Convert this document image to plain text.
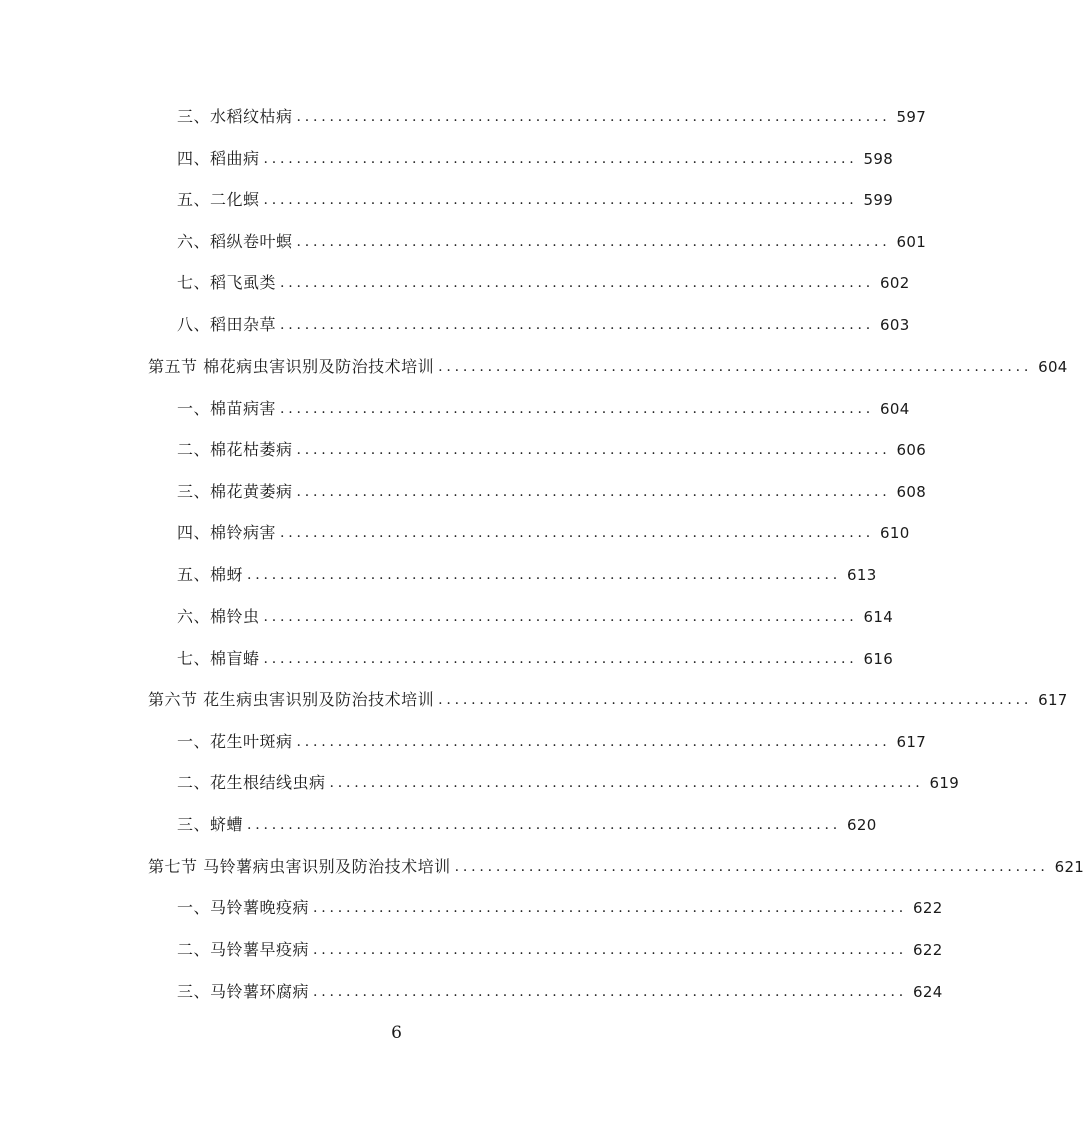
三、水稻纹枯病 ........................................................................ 597
四、稻曲病 ........................................................................ 598
五、二化螟 ........................................................................ 599
六、稻纵卷叶螟 ........................................................................ 601
七、稻飞虱类 ........................................................................ 602
八、稻田杂草 ........................................................................ 603
第五节 棉花病虫害识别及防治技术培训 ........................................................................ 604
一、棉苗病害 ........................................................................ 604
二、棉花枯萎病 ........................................................................ 606
三、棉花黄萎病 ........................................................................ 608
四、棉铃病害 ........................................................................ 610
五、棉蚜 ........................................................................ 613
六、棉铃虫 ........................................................................ 614
七、棉盲蝽 ........................................................................ 616
第六节 花生病虫害识别及防治技术培训 ........................................................................ 617
一、花生叶斑病 ........................................................................ 617
二、花生根结线虫病 ........................................................................ 619
三、蛴螬 ........................................................................ 620
第七节 马铃薯病虫害识别及防治技术培训 ........................................................................ 621
一、马铃薯晚疫病 ........................................................................ 622
二、马铃薯早疫病 ........................................................................ 622
三、马铃薯环腐病 ........................................................................ 624
6
